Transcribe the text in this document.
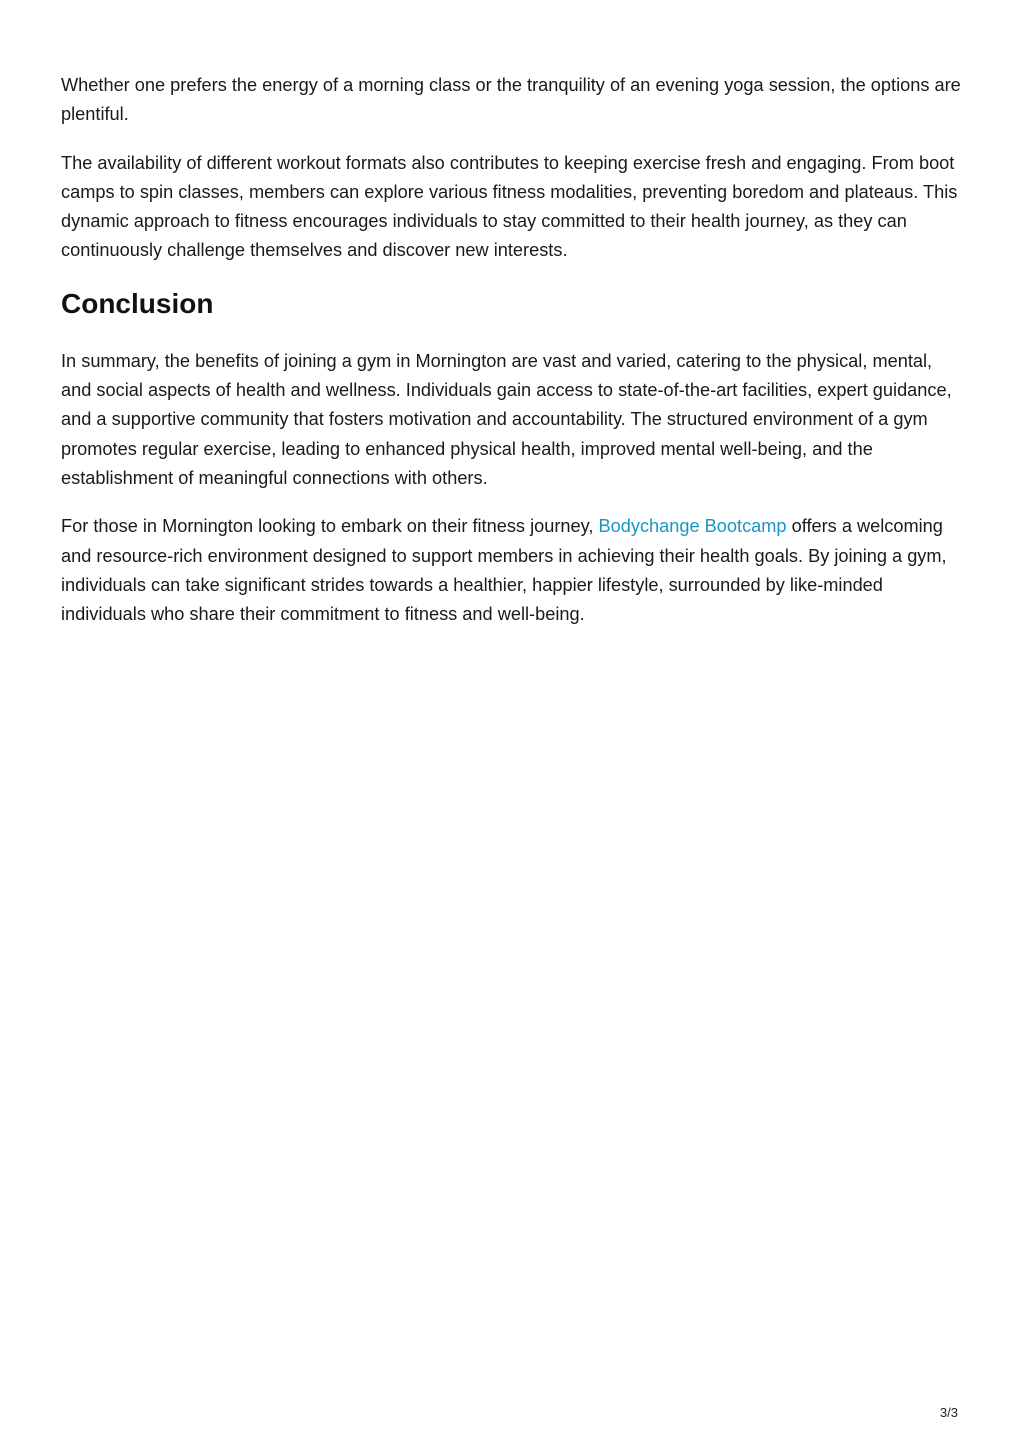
Whether one prefers the energy of a morning class or the tranquility of an evening yoga session, the options are plentiful.

The availability of different workout formats also contributes to keeping exercise fresh and engaging. From boot camps to spin classes, members can explore various fitness modalities, preventing boredom and plateaus. This dynamic approach to fitness encourages individuals to stay committed to their health journey, as they can continuously challenge themselves and discover new interests.

Conclusion

In summary, the benefits of joining a gym in Mornington are vast and varied, catering to the physical, mental, and social aspects of health and wellness. Individuals gain access to state-of-the-art facilities, expert guidance, and a supportive community that fosters motivation and accountability. The structured environment of a gym promotes regular exercise, leading to enhanced physical health, improved mental well-being, and the establishment of meaningful connections with others.

For those in Mornington looking to embark on their fitness journey, Bodychange Bootcamp offers a welcoming and resource-rich environment designed to support members in achieving their health goals. By joining a gym, individuals can take significant strides towards a healthier, happier lifestyle, surrounded by like-minded individuals who share their commitment to fitness and well-being.

3/3
